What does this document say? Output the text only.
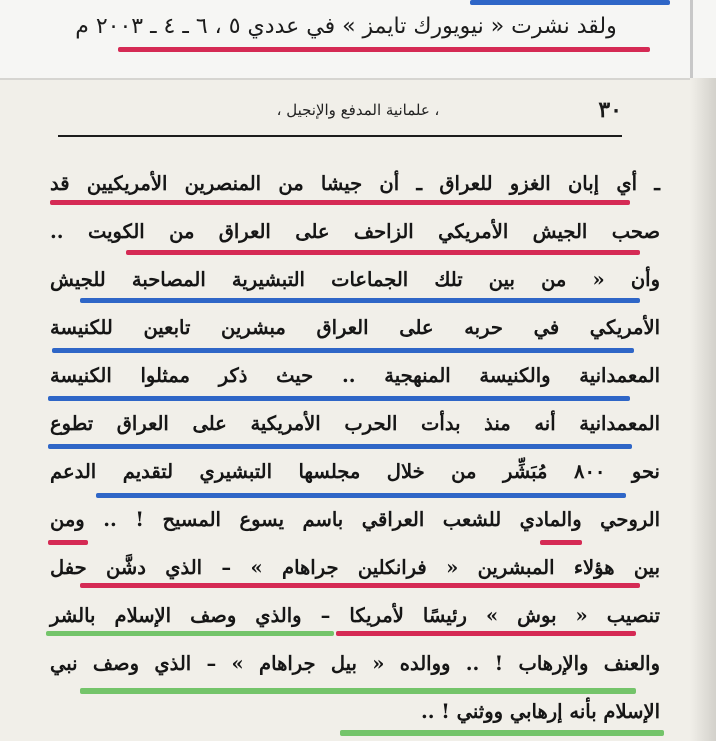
ولقد نشرت « نيويورك تايمز » في عددي ٥ ، ٦ ـ ٤ ـ ٢٠٠٣ م
٣٠
، علمانية المدفع والإنجيل ،
ـ أي إبان الغزو للعراق ـ أن جيشا من المنصرين الأمريكيين قد
صحب الجيش الأمريكي الزاحف على العراق من الكويت ..
وأن « من بين تلك الجماعات التبشيرية المصاحبة للجيش
الأمريكي في حربه على العراق مبشرين تابعين للكنيسة
المعمدانية والكنيسة المنهجية .. حيث ذكر ممثلوا الكنيسة
المعمدانية أنه منذ بدأت الحرب الأمريكية على العراق تطوع
نحو ٨٠٠ مُبَشِّر من خلال مجلسها التبشيري لتقديم الدعم
الروحي والمادي للشعب العراقي باسم يسوع المسيح ! .. ومن
بين هؤلاء المبشرين « فرانكلين جراهام » – الذي دشَّن حفل
تنصيب « بوش » رئيسًا لأمريكا – والذي وصف الإسلام بالشر
والعنف والإرهاب ! .. ووالده « بيل جراهام » – الذي وصف نبي
الإسلام بأنه إرهابي ووثني ! ..
